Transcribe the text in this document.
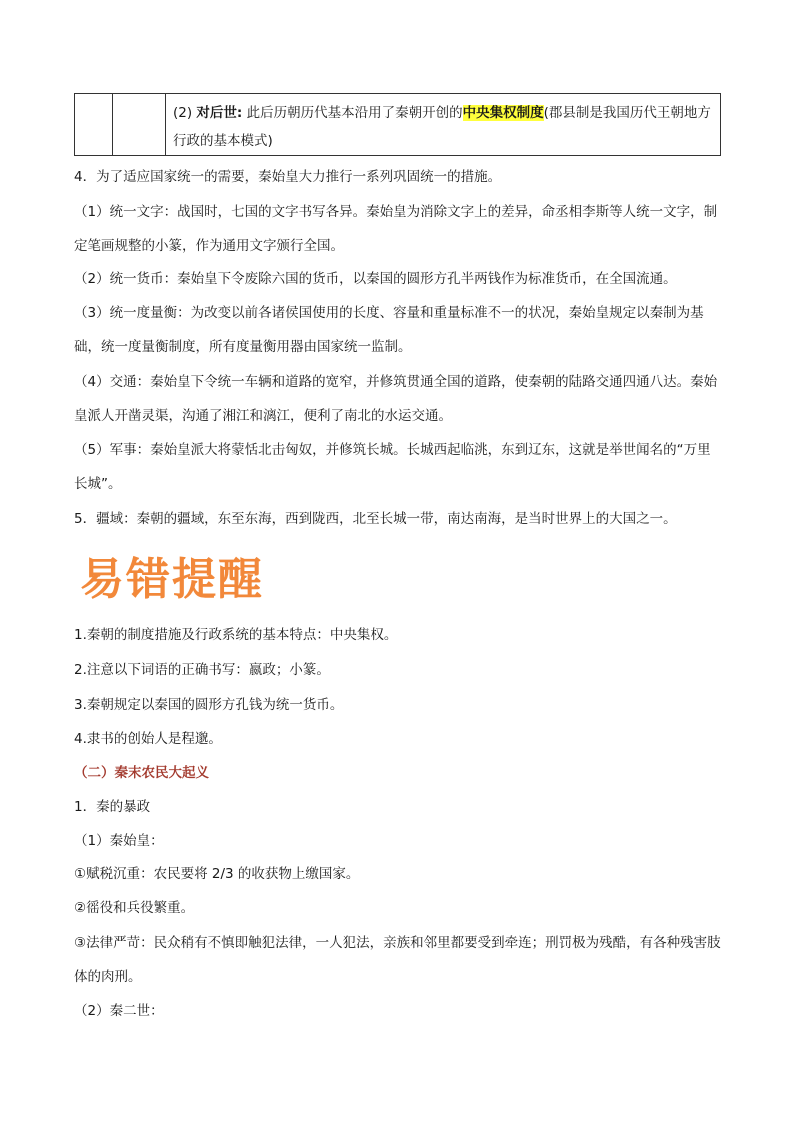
(2) 对后世: 此后历朝历代基本沿用了秦朝开创的中央集权制度(郡县制是我国历代王朝地方行政的基本模式)

4．为了适应国家统一的需要，秦始皇大力推行一系列巩固统一的措施。

（1）统一文字：战国时，七国的文字书写各异。秦始皇为消除文字上的差异，命丞相李斯等人统一文字，制定笔画规整的小篆，作为通用文字颁行全国。

（2）统一货币：秦始皇下令废除六国的货币，以秦国的圆形方孔半两钱作为标准货币，在全国流通。

（3）统一度量衡：为改变以前各诸侯国使用的长度、容量和重量标准不一的状况，秦始皇规定以秦制为基础，统一度量衡制度，所有度量衡用器由国家统一监制。

（4）交通：秦始皇下令统一车辆和道路的宽窄，并修筑贯通全国的道路，使秦朝的陆路交通四通八达。秦始皇派人开凿灵渠，沟通了湘江和漓江，便利了南北的水运交通。

（5）军事：秦始皇派大将蒙恬北击匈奴，并修筑长城。长城西起临洮，东到辽东，这就是举世闻名的“万里长城”。

5．疆域：秦朝的疆域，东至东海，西到陇西，北至长城一带，南达南海，是当时世界上的大国之一。

易错提醒

1.秦朝的制度措施及行政系统的基本特点：中央集权。

2.注意以下词语的正确书写：嬴政；小篆。

3.秦朝规定以秦国的圆形方孔钱为统一货币。

4.隶书的创始人是程邈。

（二）秦末农民大起义

1．秦的暴政

（1）秦始皇：

①赋税沉重：农民要将 2/3 的收获物上缴国家。

②徭役和兵役繁重。

③法律严苛：民众稍有不慎即触犯法律，一人犯法，亲族和邻里都要受到牵连；刑罚极为残酷，有各种残害肢体的肉刑。

（2）秦二世：
